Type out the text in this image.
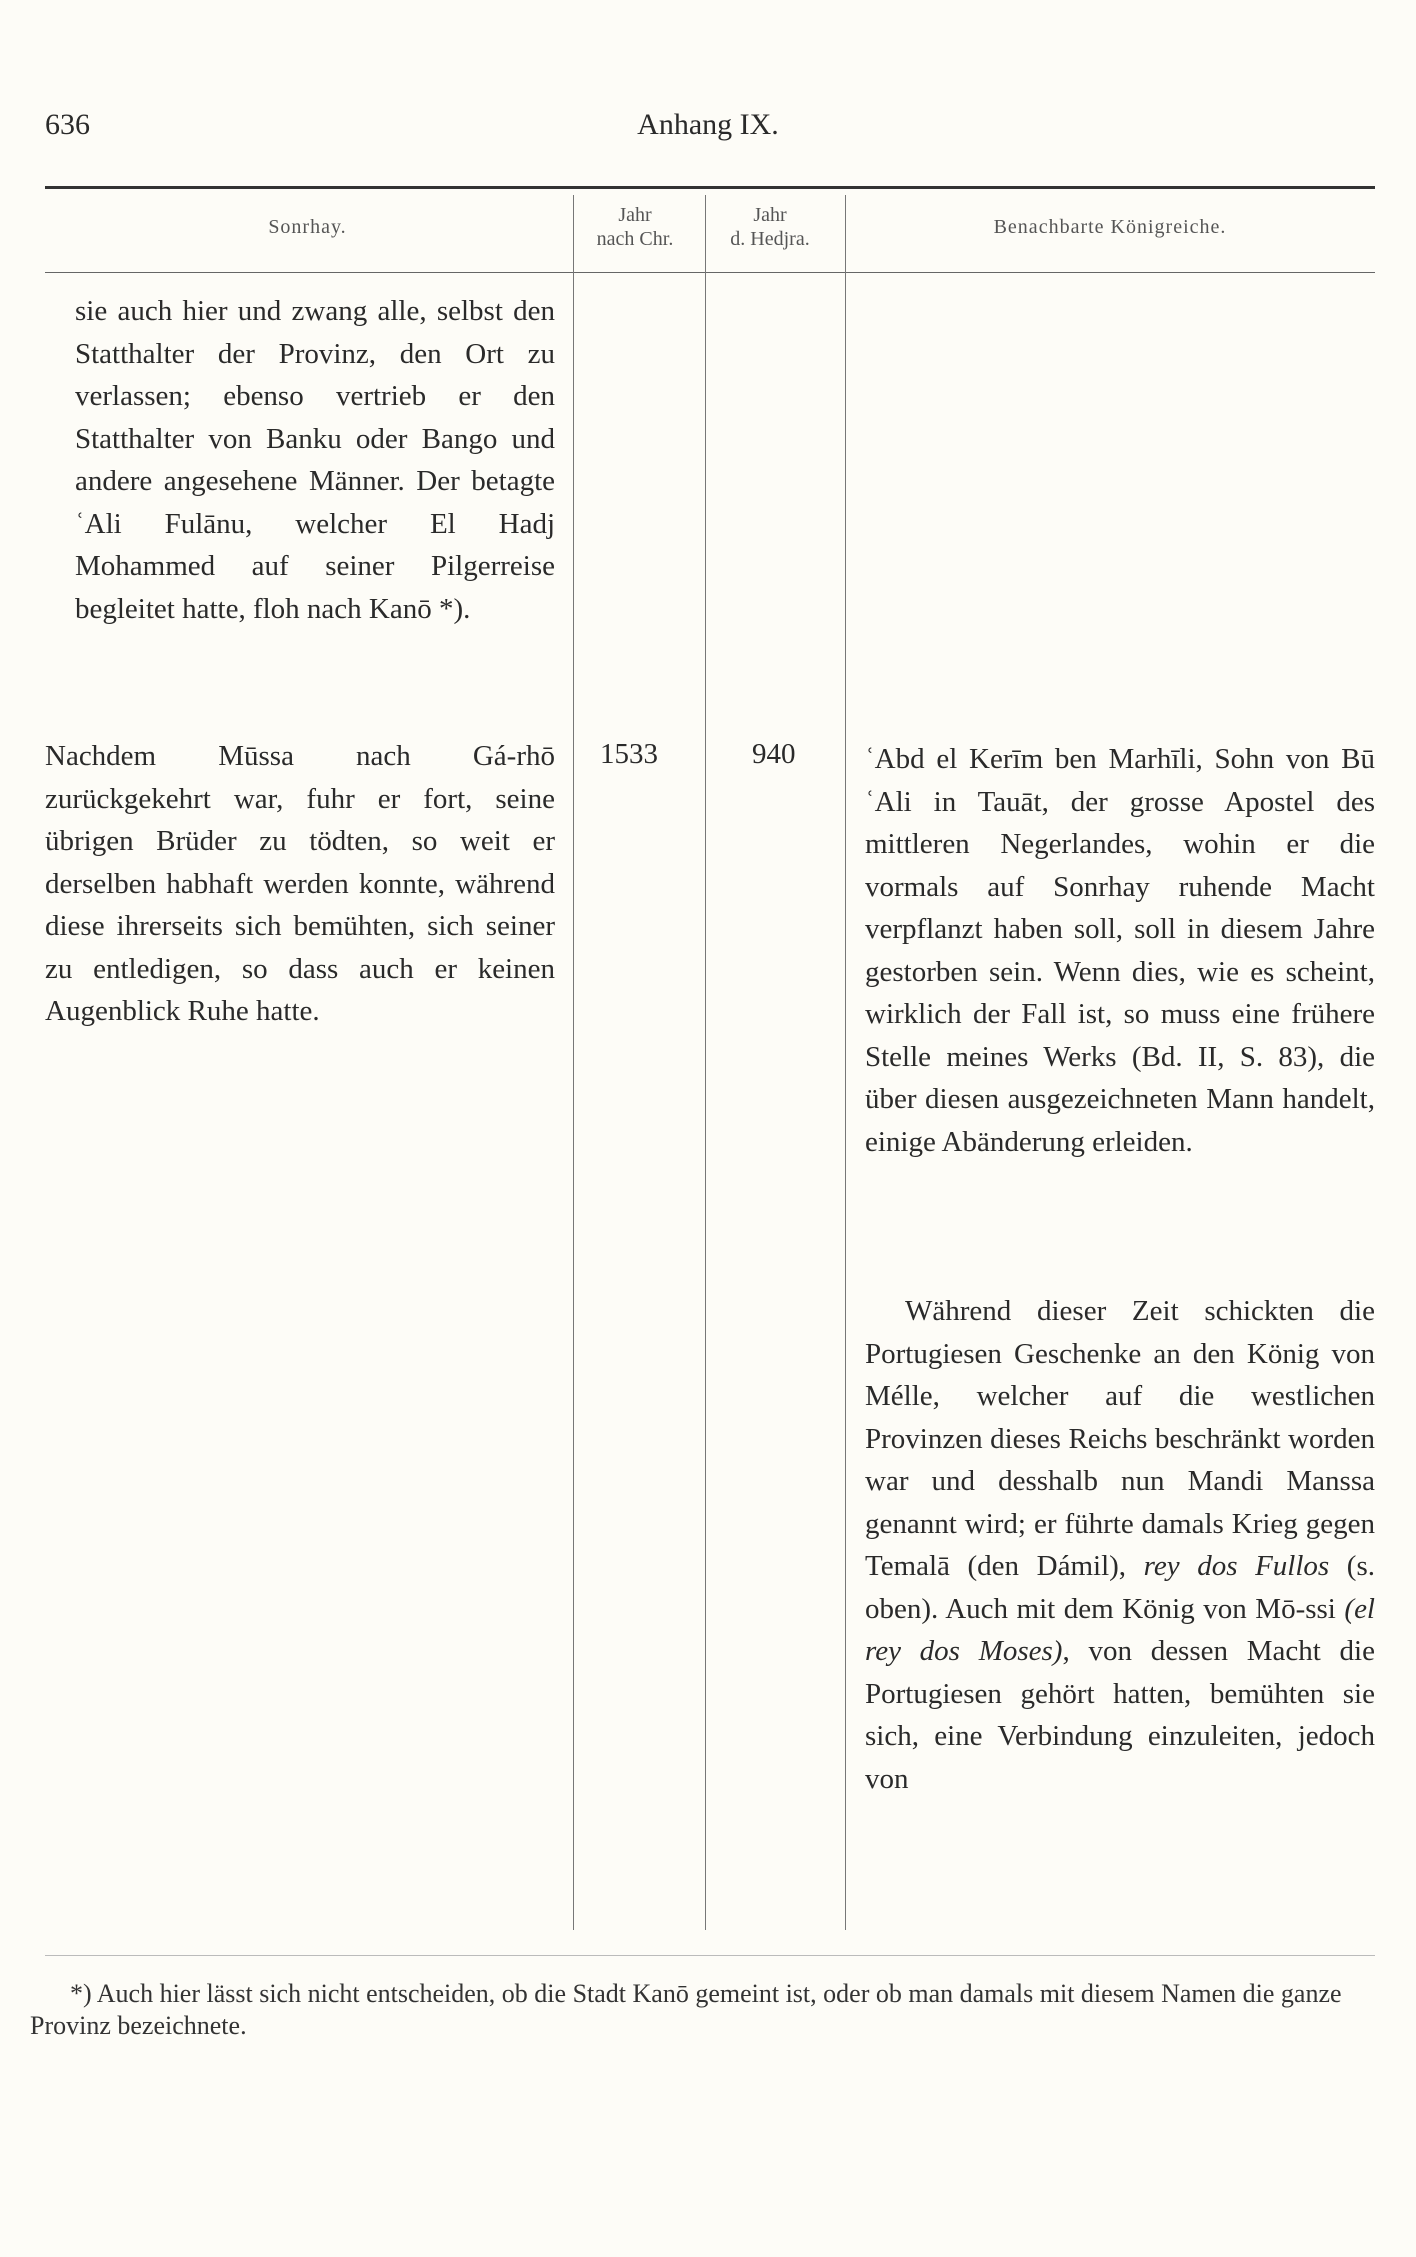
636	Anhang IX.
Sonrhay.
Jahr
nach Chr.
Jahr
d. Hedjra.
Benachbarte Königreiche.
sie auch hier und zwang alle, selbst den Statthalter der Provinz, den Ort zu verlassen; ebenso vertrieb er den Statthalter von Banku oder Bango und andere angesehene Männer. Der betagte ʿAli Fulānu, welcher El Hadj Mohammed auf seiner Pilgerreise begleitet hatte, floh nach Kanō *).
Nachdem Mūssa nach Gá-rhō zurückgekehrt war, fuhr er fort, seine übrigen Brüder zu tödten, so weit er derselben habhaft werden konnte, während diese ihrerseits sich bemühten, sich seiner zu entledigen, so dass auch er keinen Augenblick Ruhe hatte.
1533	940 ʿAbd el Kerīm ben Marhīli, Sohn von Bū ʿAli in Tauāt, der grosse Apostel des mittleren Negerlandes, wohin er die vormals auf Sonrhay ruhende Macht verpflanzt haben soll, soll in diesem Jahre gestorben sein. Wenn dies, wie es scheint, wirklich der Fall ist, so muss eine frühere Stelle meines Werks (Bd. II, S. 83), die über diesen ausgezeichneten Mann handelt, einige Abänderung erleiden.
Während dieser Zeit schickten die Portugiesen Geschenke an den König von Mélle, welcher auf die westlichen Provinzen dieses Reichs beschränkt worden war und desshalb nun Mandi Manssa genannt wird; er führte damals Krieg gegen Temalā (den Dámil), rey dos Fullos (s. oben). Auch mit dem König von Mō-ssi (el rey dos Moses), von dessen Macht die Portugiesen gehört hatten, bemühten sie sich, eine Verbindung einzuleiten, jedoch von
*) Auch hier lässt sich nicht entscheiden, ob die Stadt Kanō gemeint ist, oder ob man damals mit diesem Namen die ganze Provinz bezeichnete.
